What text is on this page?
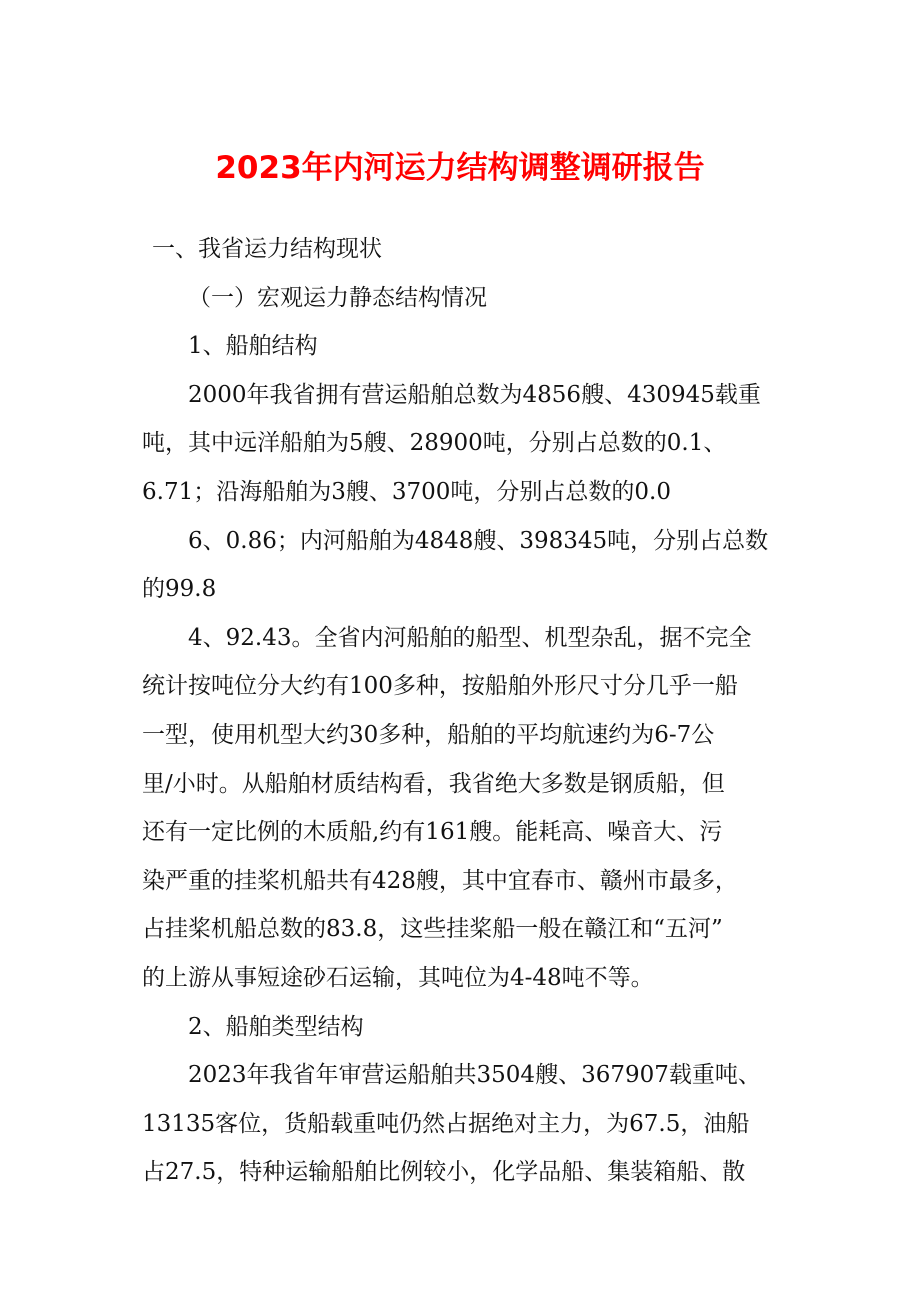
2023年内河运力结构调整调研报告
一、我省运力结构现状
（一）宏观运力静态结构情况
1、船舶结构
2000年我省拥有营运船舶总数为4856艘、430945载重
吨，其中远洋船舶为5艘、28900吨，分别占总数的0.1、
6.71；沿海船舶为3艘、3700吨，分别占总数的0.0
6、0.86；内河船舶为4848艘、398345吨，分别占总数
的99.8
4、92.43。全省内河船舶的船型、机型杂乱，据不完全
统计按吨位分大约有100多种，按船舶外形尺寸分几乎一船
一型，使用机型大约30多种，船舶的平均航速约为6-7公
里/小时。从船舶材质结构看，我省绝大多数是钢质船，但
还有一定比例的木质船,约有161艘。能耗高、噪音大、污
染严重的挂桨机船共有428艘，其中宜春市、赣州市最多，
占挂桨机船总数的83.8，这些挂桨船一般在赣江和“五河”
的上游从事短途砂石运输，其吨位为4-48吨不等。
2、船舶类型结构
2023年我省年审营运船舶共3504艘、367907载重吨、
13135客位，货船载重吨仍然占据绝对主力，为67.5，油船
占27.5，特种运输船舶比例较小，化学品船、集装箱船、散
